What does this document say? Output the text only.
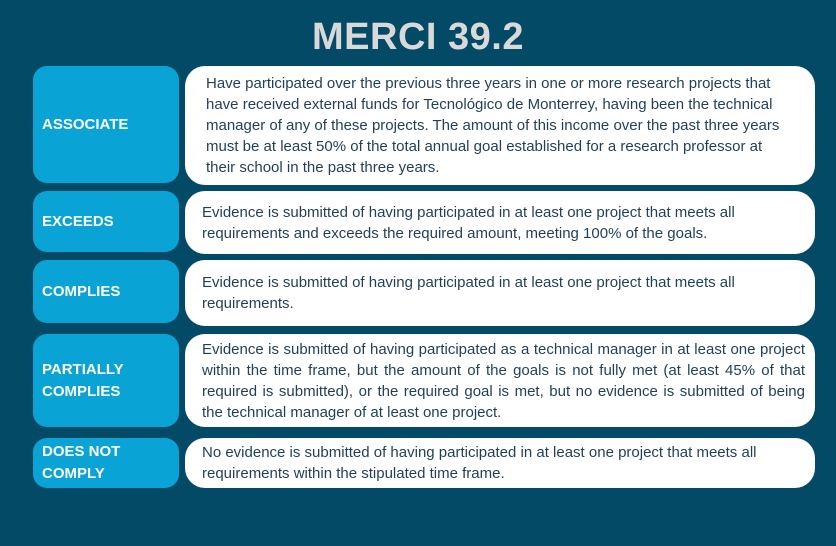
MERCI 39.2
ASSOCIATE
Have participated over the previous three years in one or more research projects that have received external funds for Tecnológico de Monterrey, having been the technical manager of any of these projects. The amount of this income over the past three years must be at least 50% of the total annual goal established for a research professor at their school in the past three years.
EXCEEDS
Evidence is submitted of having participated in at least one project that meets all requirements and exceeds the required amount, meeting 100% of the goals.
COMPLIES	Evidence is submitted of having participated in at least one project that meets all requirements.
PARTIALLY COMPLIES
Evidence is submitted of having participated as a technical manager in at least one project within the time frame, but the amount of the goals is not fully met (at least 45% of that required is submitted), or the required goal is met, but no evidence is submitted of being the technical manager of at least one project.
DOES NOT COMPLY
No evidence is submitted of having participated in at least one project that meets all requirements within the stipulated time frame.
